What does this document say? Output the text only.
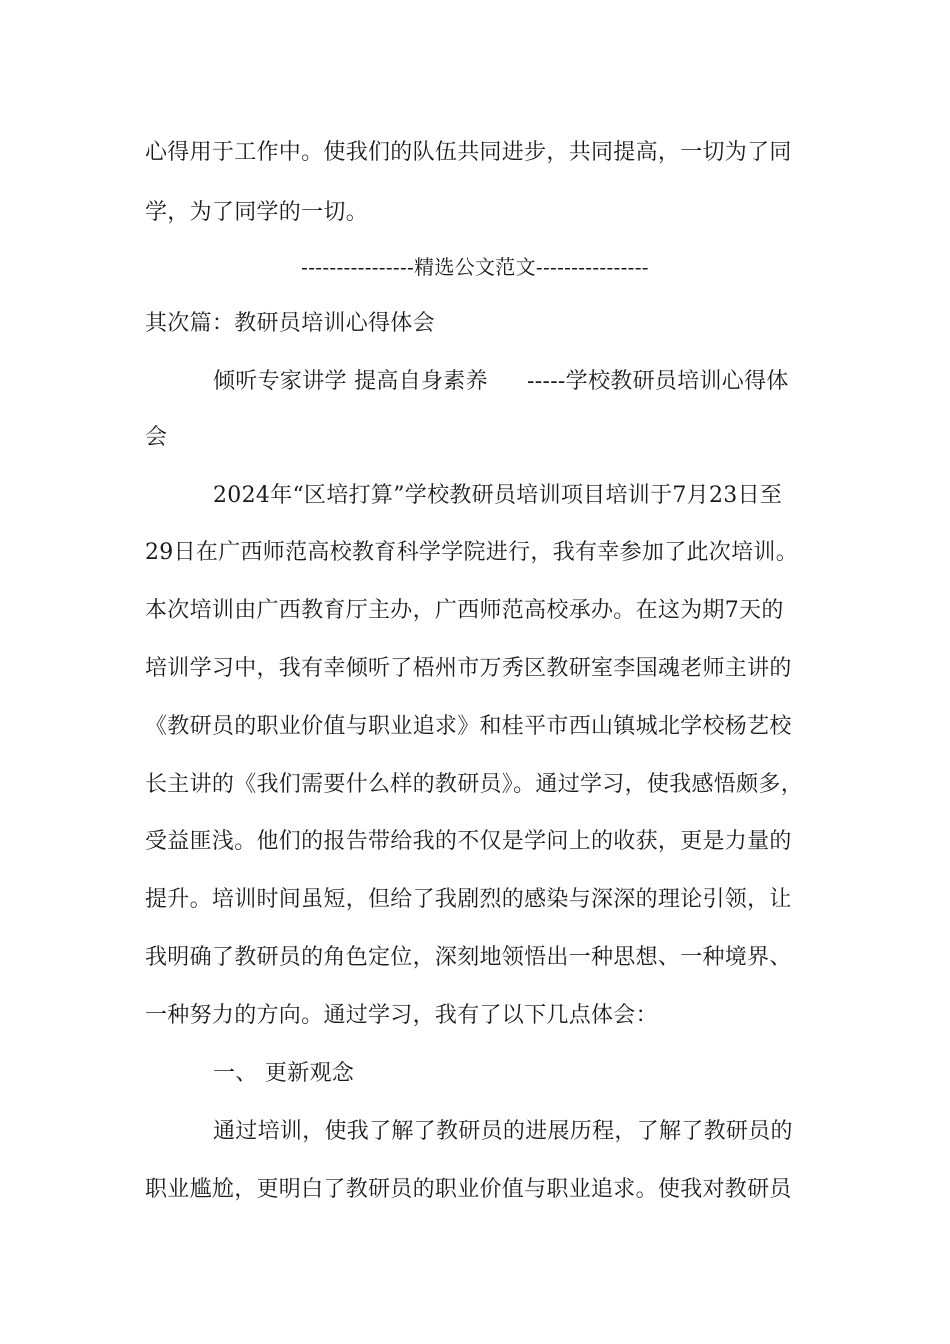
心得用于工作中。使我们的队伍共同进步，共同提高，一切为了同
学，为了同学的一切。
----------------精选公文范文----------------
其次篇：教研员培训心得体会
倾听专家讲学 提高自身素养 -----学校教研员培训心得体
会
2024年“区培打算”学校教研员培训项目培训于7月23日至
29日在广西师范高校教育科学学院进行，我有幸参加了此次培训。
本次培训由广西教育厅主办，广西师范高校承办。在这为期7天的
培训学习中，我有幸倾听了梧州市万秀区教研室李国魂老师主讲的
《教研员的职业价值与职业追求》和桂平市西山镇城北学校杨艺校
长主讲的《我们需要什么样的教研员》。通过学习，使我感悟颇多，
受益匪浅。他们的报告带给我的不仅是学问上的收获，更是力量的
提升。培训时间虽短，但给了我剧烈的感染与深深的理论引领，让
我明确了教研员的角色定位，深刻地领悟出一种思想、一种境界、
一种努力的方向。通过学习，我有了以下几点体会：
一、 更新观念
通过培训，使我了解了教研员的进展历程，了解了教研员的
职业尴尬，更明白了教研员的职业价值与职业追求。使我对教研员
